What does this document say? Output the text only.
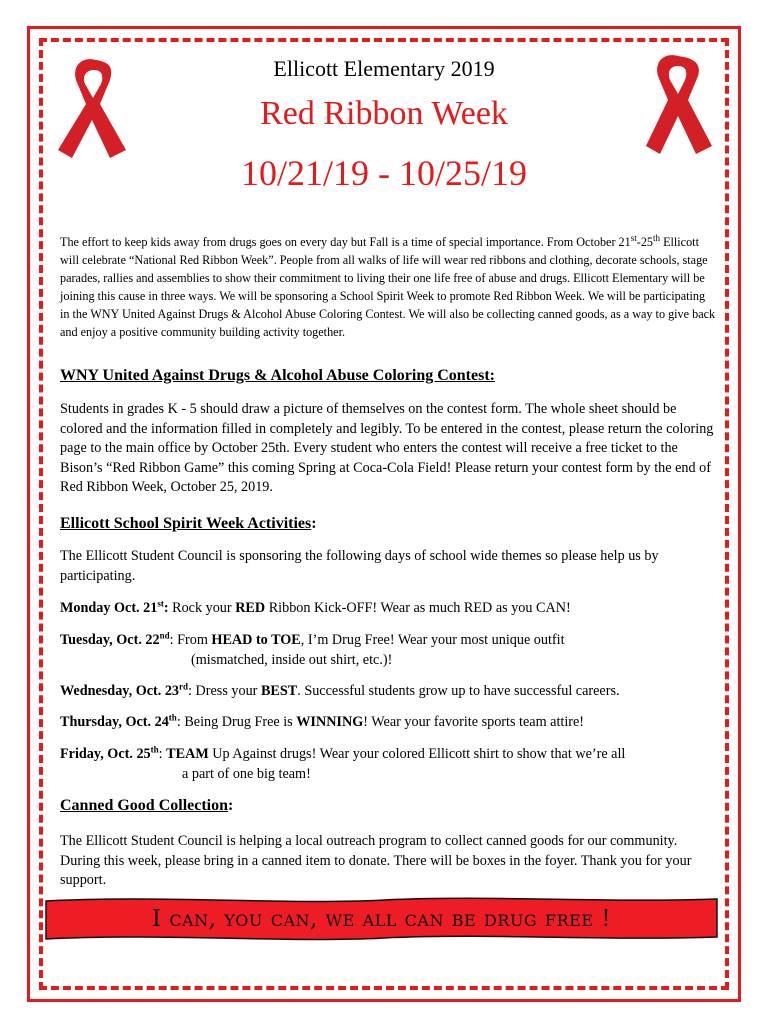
Ellicott Elementary 2019
Red Ribbon Week
10/21/19 - 10/25/19
The effort to keep kids away from drugs goes on every day but Fall is a time of special importance. From October 21st-25th Ellicott will celebrate “National Red Ribbon Week”. People from all walks of life will wear red ribbons and clothing, decorate schools, stage parades, rallies and assemblies to show their commitment to living their one life free of abuse and drugs. Ellicott Elementary will be joining this cause in three ways. We will be sponsoring a School Spirit Week to promote Red Ribbon Week. We will be participating in the WNY United Against Drugs & Alcohol Abuse Coloring Contest. We will also be collecting canned goods, as a way to give back and enjoy a positive community building activity together.
WNY United Against Drugs & Alcohol Abuse Coloring Contest:
Students in grades K - 5 should draw a picture of themselves on the contest form. The whole sheet should be colored and the information filled in completely and legibly. To be entered in the contest, please return the coloring page to the main office by October 25th. Every student who enters the contest will receive a free ticket to the Bison’s “Red Ribbon Game” this coming Spring at Coca-Cola Field! Please return your contest form by the end of Red Ribbon Week, October 25, 2019.
Ellicott School Spirit Week Activities:
The Ellicott Student Council is sponsoring the following days of school wide themes so please help us by participating.
Monday Oct. 21st: Rock your RED Ribbon Kick-OFF! Wear as much RED as you CAN!
Tuesday, Oct. 22nd: From HEAD to TOE, I’m Drug Free! Wear your most unique outfit
(mismatched, inside out shirt, etc.)!
Wednesday, Oct. 23rd: Dress your BEST. Successful students grow up to have successful careers.
Thursday, Oct. 24th: Being Drug Free is WINNING! Wear your favorite sports team attire!
Friday, Oct. 25th: TEAM Up Against drugs! Wear your colored Ellicott shirt to show that we’re all
a part of one big team!
Canned Good Collection:
The Ellicott Student Council is helping a local outreach program to collect canned goods for our community. During this week, please bring in a canned item to donate. There will be boxes in the foyer. Thank you for your support.
I can, you can, we all can be drug free !
